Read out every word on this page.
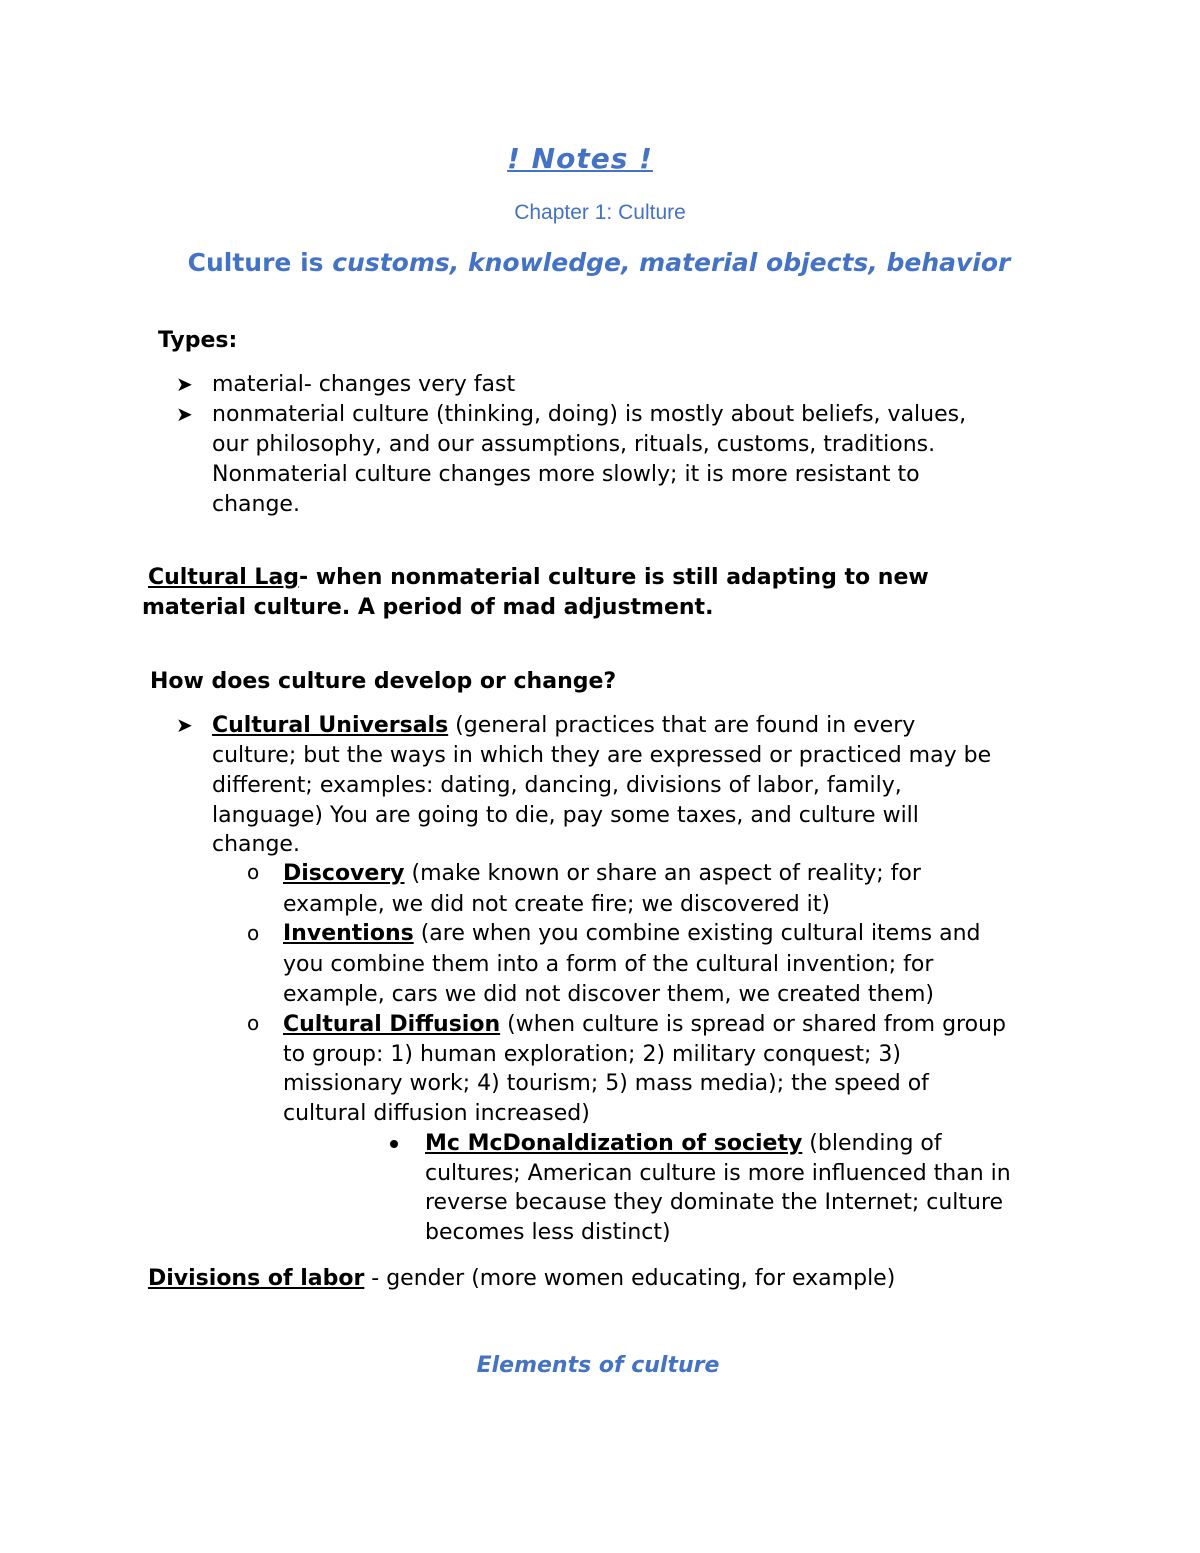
! Notes !
Chapter 1: Culture
Culture is customs, knowledge, material objects, behavior
Types:
➤ material- changes very fast
➤ nonmaterial culture (thinking, doing) is mostly about beliefs, values,
our philosophy, and our assumptions, rituals, customs, traditions.
Nonmaterial culture changes more slowly; it is more resistant to
change.
Cultural Lag- when nonmaterial culture is still adapting to new
material culture. A period of mad adjustment.
How does culture develop or change?
➤ Cultural Universals (general practices that are found in every
culture; but the ways in which they are expressed or practiced may be
different; examples: dating, dancing, divisions of labor, family,
language) You are going to die, pay some taxes, and culture will
change.
o Discovery (make known or share an aspect of reality; for
example, we did not create fire; we discovered it)
o Inventions (are when you combine existing cultural items and
you combine them into a form of the cultural invention; for
example, cars we did not discover them, we created them)
o Cultural Diffusion (when culture is spread or shared from group
to group: 1) human exploration; 2) military conquest; 3)
missionary work; 4) tourism; 5) mass media); the speed of
cultural diffusion increased)
Mc McDonaldization of society (blending of
cultures; American culture is more influenced than in
reverse because they dominate the Internet; culture
becomes less distinct)
Divisions of labor - gender (more women educating, for example)
Elements of culture
